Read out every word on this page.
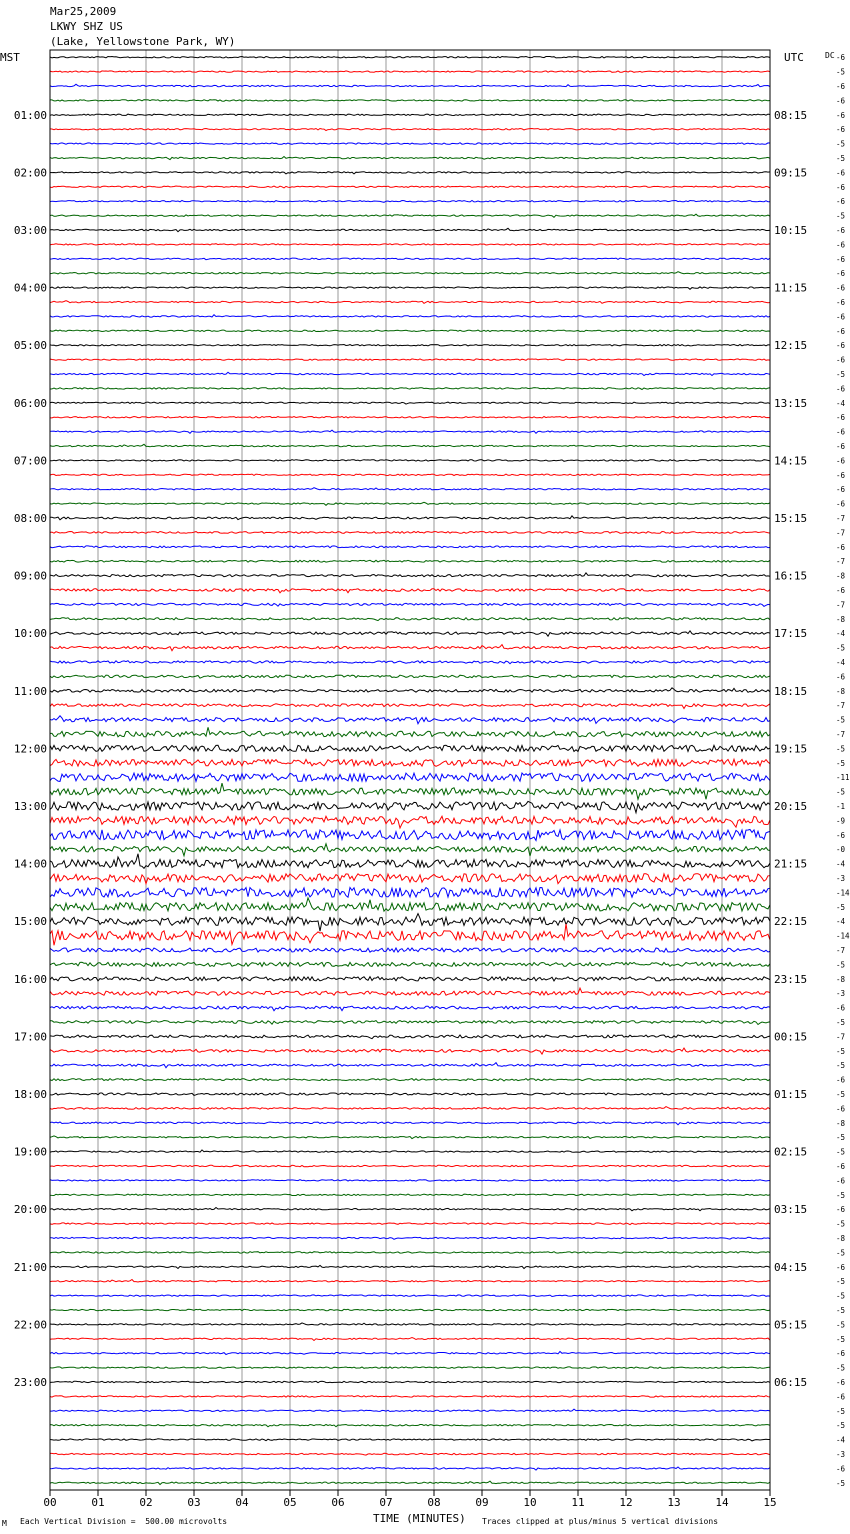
-6
-5
-6
-6
-6
-6
-5
-5
-6
-6
-6
-5
-6
-6
-6
-6
-6
-6
-6
-6
-6
-6
-5
-6
-4
-6
-6
-6
-6
-6
-6
-6
-7
-7
-6
-7
-8
-6
-7
-8
-4
-5
-4
-6
-8
-7
-5
-7
-5
-5
-11
-5
-1
-9
-6
-0
-4
-3
-14
-5
-4
-14
-7
-5
-8
-3
-6
-5
-7
-5
-5
-6
-5
-6
-8
-5
-5
-6
-6
-5
-6
-5
-8
-5
-6
-5
-5
-5
-5
-5
-6
-5
-6
-6
-5
-5
-4
-3
-6
-5
01:00
02:00
03:00
04:00
05:00
06:00
07:00
08:00
09:00
10:00
11:00
12:00
13:00
14:00
15:00
16:00
17:00
18:00
19:00
20:00
21:00
22:00
23:00
08:15
09:15
10:15
11:15
12:15
13:15
14:15
15:15
16:15
17:15
18:15
19:15
20:15
21:15
22:15
23:15
00:15
01:15
02:15
03:15
04:15
05:15
06:15
00	01	02	03	04	05	06	07	08	09	10	11	12	13	14	15
Mar25,2009
LKWY SHZ US
(Lake, Yellowstone Park, WY)
MST	UTC	DC
M Each Vertical Division =  500.00 microvolts	TIME (MINUTES) Traces clipped at plus/minus 5 vertical divisions
